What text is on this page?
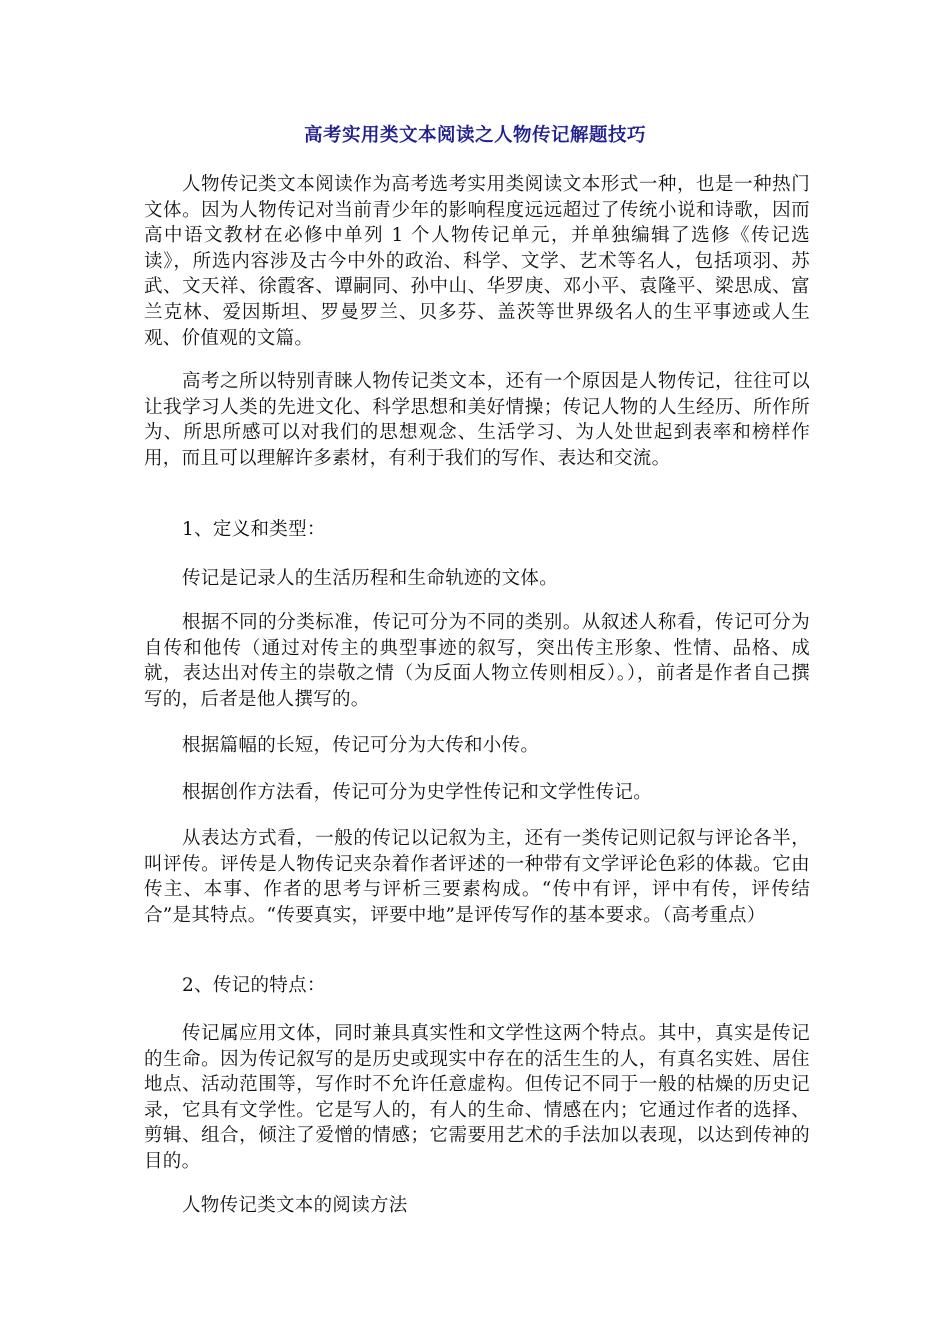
高考实用类文本阅读之人物传记解题技巧

人物传记类文本阅读作为高考选考实用类阅读文本形式一种，也是一种热门文体。因为人物传记对当前青少年的影响程度远远超过了传统小说和诗歌，因而高中语文教材在必修中单列 1 个人物传记单元，并单独编辑了选修《传记选读》，所选内容涉及古今中外的政治、科学、文学、艺术等名人，包括项羽、苏武、文天祥、徐霞客、谭嗣同、孙中山、华罗庚、邓小平、袁隆平、梁思成、富兰克林、爱因斯坦、罗曼罗兰、贝多芬、盖茨等世界级名人的生平事迹或人生观、价值观的文篇。

高考之所以特别青睐人物传记类文本，还有一个原因是人物传记，往往可以让我学习人类的先进文化、科学思想和美好情操；传记人物的人生经历、所作所为、所思所感可以对我们的思想观念、生活学习、为人处世起到表率和榜样作用，而且可以理解许多素材，有利于我们的写作、表达和交流。

1、定义和类型：

传记是记录人的生活历程和生命轨迹的文体。

根据不同的分类标准，传记可分为不同的类别。从叙述人称看，传记可分为自传和他传（通过对传主的典型事迹的叙写，突出传主形象、性情、品格、成就，表达出对传主的崇敬之情（为反面人物立传则相反）。），前者是作者自己撰写的，后者是他人撰写的。

根据篇幅的长短，传记可分为大传和小传。

根据创作方法看，传记可分为史学性传记和文学性传记。

从表达方式看，一般的传记以记叙为主，还有一类传记则记叙与评论各半，叫评传。评传是人物传记夹杂着作者评述的一种带有文学评论色彩的体裁。它由传主、本事、作者的思考与评析三要素构成。“传中有评，评中有传，评传结合”是其特点。“传要真实，评要中地”是评传写作的基本要求。（高考重点）

2、传记的特点：

传记属应用文体，同时兼具真实性和文学性这两个特点。其中，真实是传记的生命。因为传记叙写的是历史或现实中存在的活生生的人，有真名实姓、居住地点、活动范围等，写作时不允许任意虚构。但传记不同于一般的枯燥的历史记录，它具有文学性。它是写人的，有人的生命、情感在内；它通过作者的选择、剪辑、组合，倾注了爱憎的情感；它需要用艺术的手法加以表现，以达到传神的目的。

人物传记类文本的阅读方法
